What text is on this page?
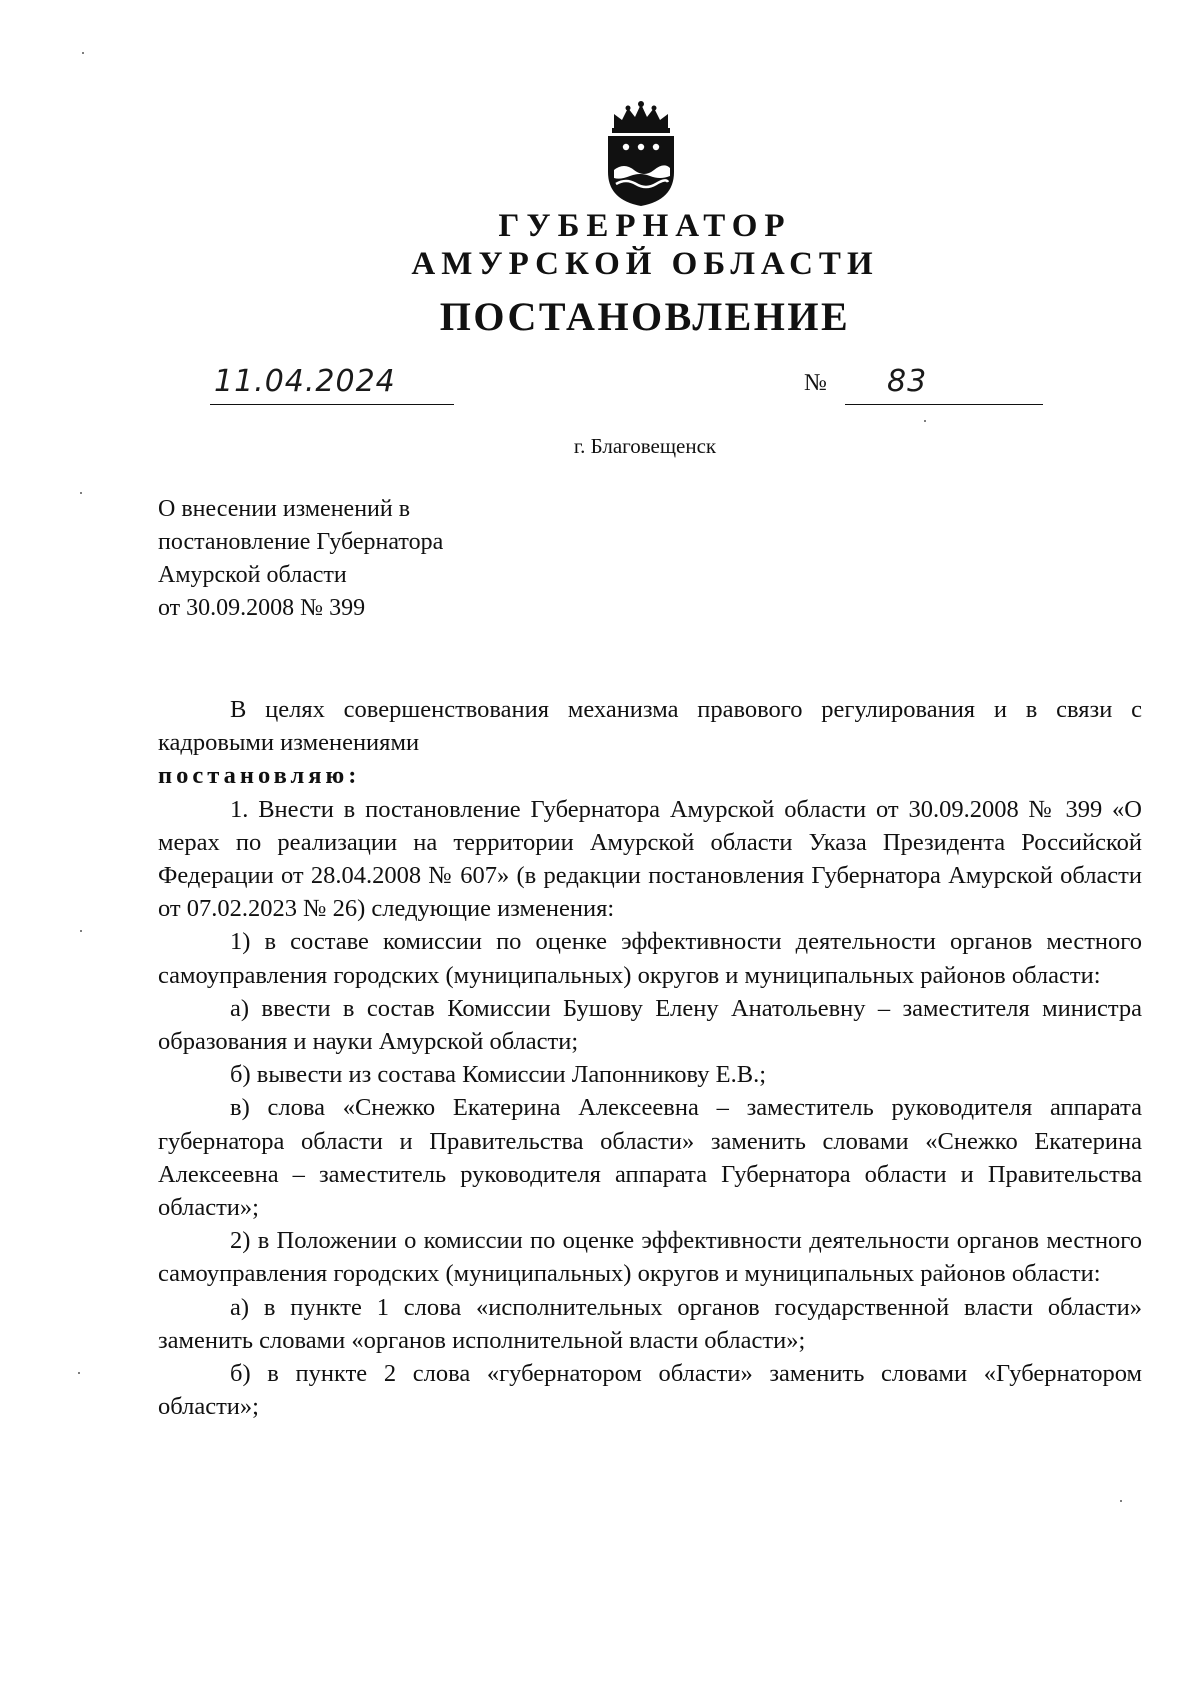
ГУБЕРНАТОР
АМУРСКОЙ ОБЛАСТИ
ПОСТАНОВЛЕНИЕ
11.04.2024	№ 83
г. Благовещенск
О внесении изменений в
постановление Губернатора
Амурской области
от 30.09.2008 № 399

В целях совершенствования механизма правового регулирования и в связи с кадровыми изменениями

постановляю:

1. Внести в постановление Губернатора Амурской области от 30.09.2008 № 399 «О мерах по реализации на территории Амурской области Указа Президента Российской Федерации от 28.04.2008 № 607» (в редакции постановления Губернатора Амурской области от 07.02.2023 № 26) следующие изменения:

1) в составе комиссии по оценке эффективности деятельности органов местного самоуправления городских (муниципальных) округов и муниципальных районов области:

а) ввести в состав Комиссии Бушову Елену Анатольевну – заместителя министра образования и науки Амурской области;

б) вывести из состава Комиссии Лапонникову Е.В.;

в) слова «Снежко Екатерина Алексеевна – заместитель руководителя аппарата губернатора области и Правительства области» заменить словами «Снежко Екатерина Алексеевна – заместитель руководителя аппарата Губернатора области и Правительства области»;

2) в Положении о комиссии по оценке эффективности деятельности органов местного самоуправления городских (муниципальных) округов и муниципальных районов области:

а) в пункте 1 слова «исполнительных органов государственной власти области» заменить словами «органов исполнительной власти области»;

б) в пункте 2 слова «губернатором области» заменить словами «Губернатором области»;
